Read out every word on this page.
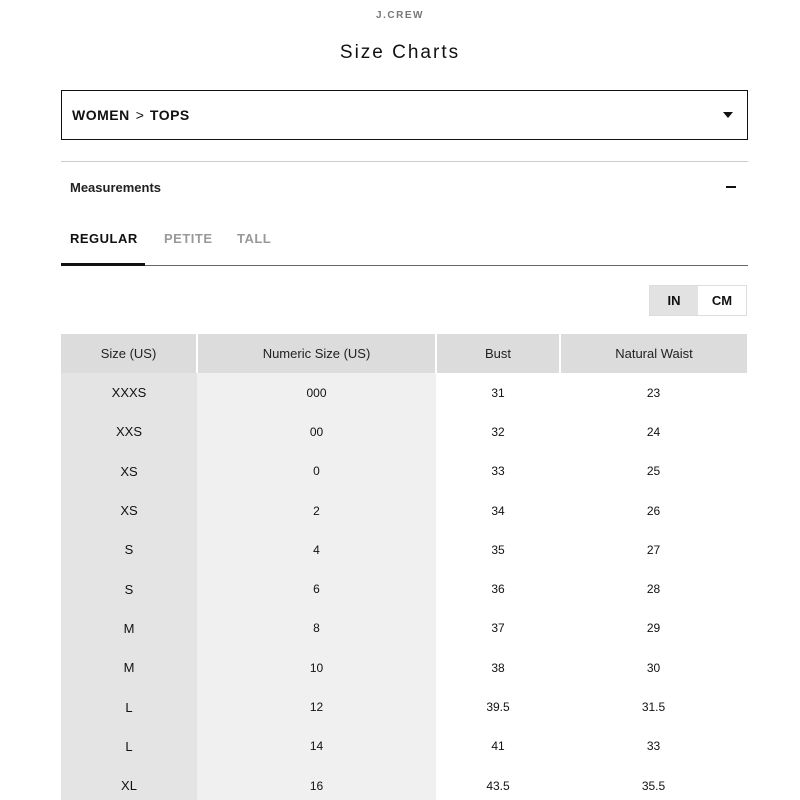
J.CREW
Size Charts
WOMEN > TOPS
Measurements
REGULAR PETITE TALL
IN	CM
Size (US)	Numeric Size (US)	Bust	Natural Waist
XXXS	000	31	23
XXS	00	32	24
XS	0	33	25
XS	2	34	26
S	4	35	27
S	6	36	28
M	8	37	29
M	10	38	30
L	12	39.5	31.5
L	14	41	33
XL	16	43.5	35.5
